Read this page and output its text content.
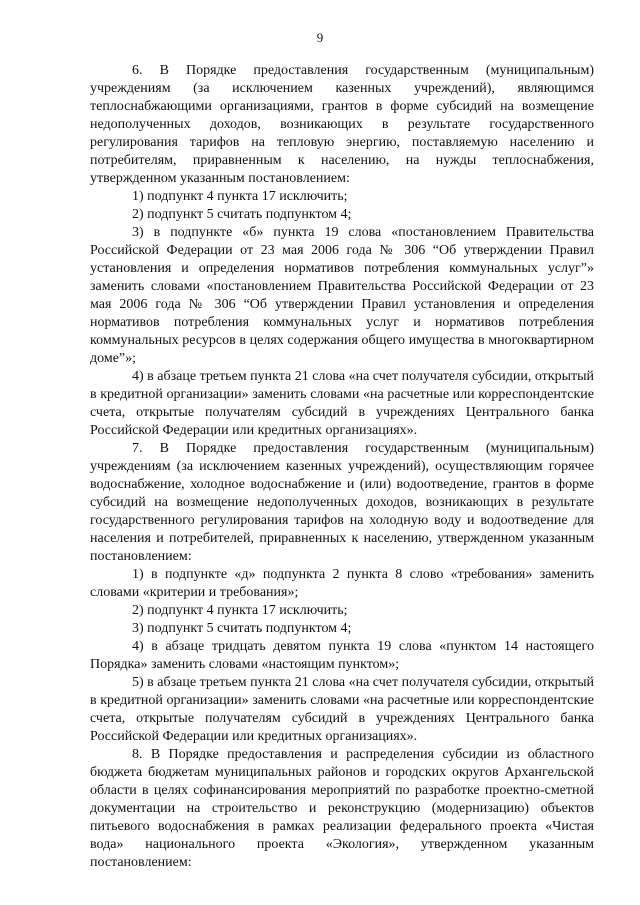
9

6. В Порядке предоставления государственным (муниципальным) учреждениям (за исключением казенных учреждений), являющимся теплоснабжающими организациями, грантов в форме субсидий на возмещение недополученных доходов, возникающих в результате государственного регулирования тарифов на тепловую энергию, поставляемую населению и потребителям, приравненным к населению, на нужды теплоснабжения, утвержденном указанным постановлением:

1) подпункт 4 пункта 17 исключить;

2) подпункт 5 считать подпунктом 4;

3) в подпункте «б» пункта 19 слова «постановлением Правительства Российской Федерации от 23 мая 2006 года № 306 “Об утверждении Правил установления и определения нормативов потребления коммунальных услуг”» заменить словами «постановлением Правительства Российской Федерации от 23 мая 2006 года № 306 “Об утверждении Правил установления и определения нормативов потребления коммунальных услуг и нормативов потребления коммунальных ресурсов в целях содержания общего имущества в многоквартирном доме”»;

4) в абзаце третьем пункта 21 слова «на счет получателя субсидии, открытый в кредитной организации» заменить словами «на расчетные или корреспондентские счета, открытые получателям субсидий в учреждениях Центрального банка Российской Федерации или кредитных организациях».

7. В Порядке предоставления государственным (муниципальным) учреждениям (за исключением казенных учреждений), осуществляющим горячее водоснабжение, холодное водоснабжение и (или) водоотведение, грантов в форме субсидий на возмещение недополученных доходов, возникающих в результате государственного регулирования тарифов на холодную воду и водоотведение для населения и потребителей, приравненных к населению, утвержденном указанным постановлением:

1) в подпункте «д» подпункта 2 пункта 8 слово «требования» заменить словами «критерии и требования»;

2) подпункт 4 пункта 17 исключить;

3) подпункт 5 считать подпунктом 4;

4) в абзаце тридцать девятом пункта 19 слова «пунктом 14 настоящего Порядка» заменить словами «настоящим пунктом»;

5) в абзаце третьем пункта 21 слова «на счет получателя субсидии, открытый в кредитной организации» заменить словами «на расчетные или корреспондентские счета, открытые получателям субсидий в учреждениях Центрального банка Российской Федерации или кредитных организациях».

8. В Порядке предоставления и распределения субсидии из областного бюджета бюджетам муниципальных районов и городских округов Архангельской области в целях софинансирования мероприятий по разработке проектно-сметной документации на строительство и реконструкцию (модернизацию) объектов питьевого водоснабжения в рамках реализации федерального проекта «Чистая вода» национального проекта «Экология», утвержденном указанным постановлением:
